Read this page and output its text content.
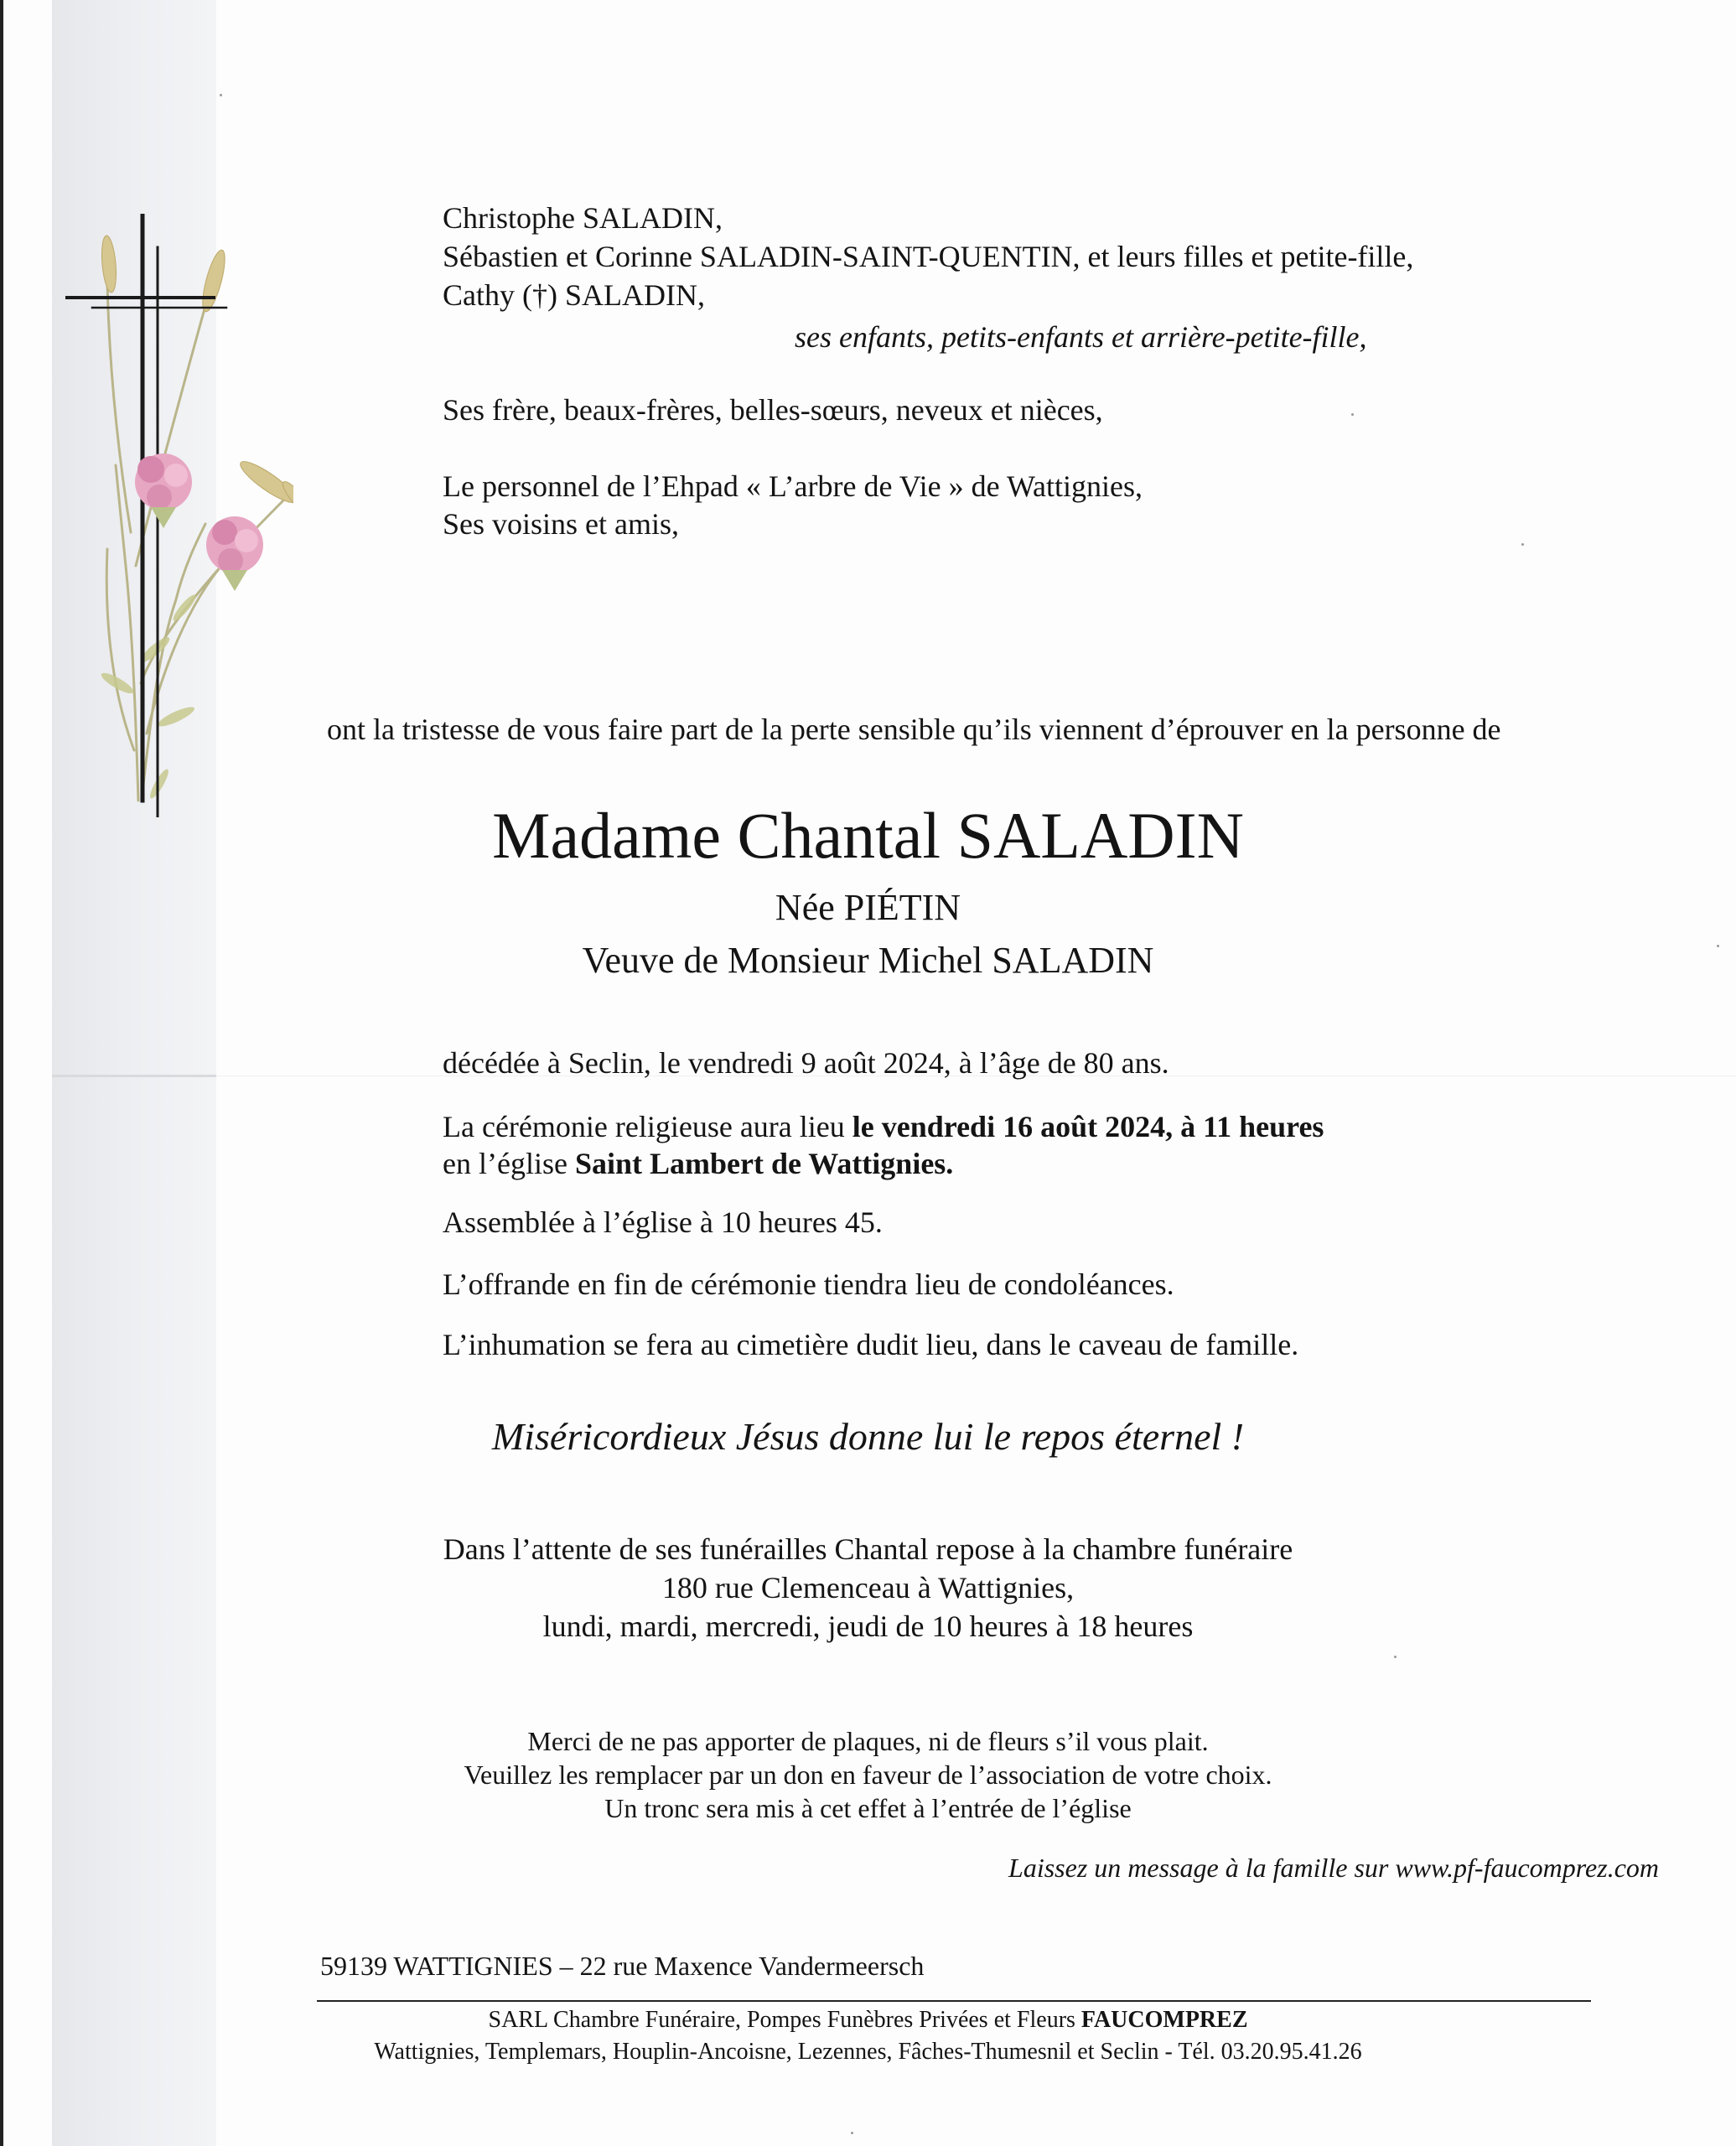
Christophe SALADIN,

Sébastien et Corinne SALADIN-SAINT-QUENTIN, et leurs filles et petite-fille,

Cathy (†) SALADIN,

ses enfants, petits-enfants et arrière-petite-fille,

Ses frère, beaux-frères, belles-sœurs, neveux et nièces,

Le personnel de l’Ehpad « L’arbre de Vie » de Wattignies,

Ses voisins et amis,

ont la tristesse de vous faire part de la perte sensible qu’ils viennent d’éprouver en la personne de

Madame Chantal SALADIN

Née PIÉTIN

Veuve de Monsieur Michel SALADIN

décédée à Seclin, le vendredi 9 août 2024, à l’âge de 80 ans.

La cérémonie religieuse aura lieu le vendredi 16 août 2024, à 11 heures

en l’église Saint Lambert de Wattignies.

Assemblée à l’église à 10 heures 45.

L’offrande en fin de cérémonie tiendra lieu de condoléances.

L’inhumation se fera au cimetière dudit lieu, dans le caveau de famille.

Miséricordieux Jésus donne lui le repos éternel !

Dans l’attente de ses funérailles Chantal repose à la chambre funéraire

180 rue Clemenceau à Wattignies,

lundi, mardi, mercredi, jeudi de 10 heures à 18 heures

Merci de ne pas apporter de plaques, ni de fleurs s’il vous plait.

Veuillez les remplacer par un don en faveur de l’association de votre choix.

Un tronc sera mis à cet effet à l’entrée de l’église

Laissez un message à la famille sur www.pf-faucomprez.com

59139 WATTIGNIES – 22 rue Maxence Vandermeersch

SARL Chambre Funéraire, Pompes Funèbres Privées et Fleurs FAUCOMPREZ

Wattignies, Templemars, Houplin-Ancoisne, Lezennes, Fâches-Thumesnil et Seclin - Tél. 03.20.95.41.26
